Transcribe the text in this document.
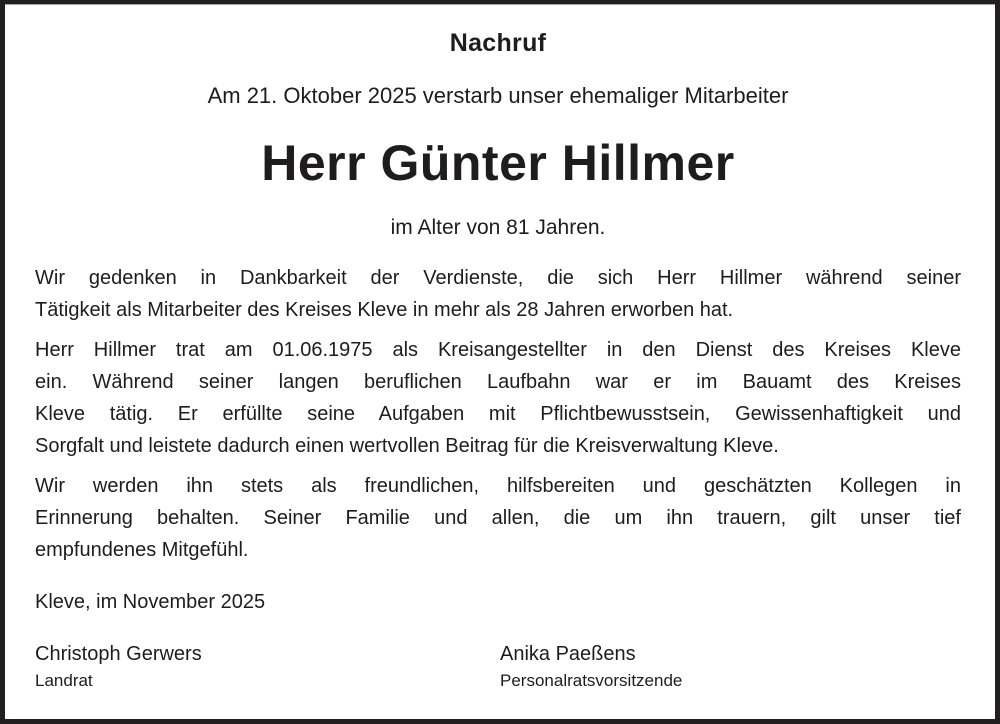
Nachruf
Am 21. Oktober 2025 verstarb unser ehemaliger Mitarbeiter
Herr Günter Hillmer
im Alter von 81 Jahren.
Wir gedenken in Dankbarkeit der Verdienste, die sich Herr Hillmer während seiner
Tätigkeit als Mitarbeiter des Kreises Kleve in mehr als 28 Jahren erworben hat.
Herr Hillmer trat am 01.06.1975 als Kreisangestellter in den Dienst des Kreises Kleve
ein. Während seiner langen beruflichen Laufbahn war er im Bauamt des Kreises
Kleve tätig. Er erfüllte seine Aufgaben mit Pflichtbewusstsein, Gewissenhaftigkeit und
Sorgfalt und leistete dadurch einen wertvollen Beitrag für die Kreisverwaltung Kleve.
Wir werden ihn stets als freundlichen, hilfsbereiten und geschätzten Kollegen in
Erinnerung behalten. Seiner Familie und allen, die um ihn trauern, gilt unser tief
empfundenes Mitgefühl.
Kleve, im November 2025
Christoph Gerwers
Landrat
Anika Paeßens
Personalratsvorsitzende
